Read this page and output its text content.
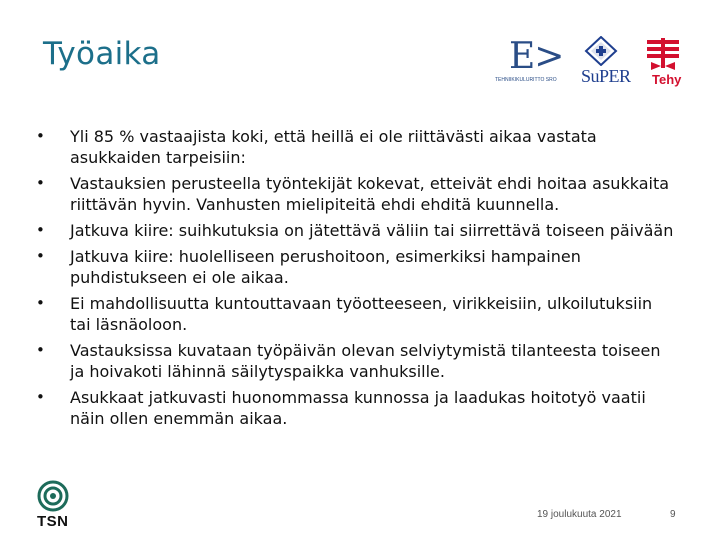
Työaika	E>
TEHNIIKIKULURITTO SRO SuPER Tehy
• Yli 85 % vastaajista koki, että heillä ei ole riittävästi aikaa vastata
asukkaiden tarpeisiin:
• Vastauksien perusteella työntekijät kokevat, etteivät ehdi hoitaa asukkaita
riittävän hyvin. Vanhusten mielipiteitä ehdi ehditä kuunnella.
• Jatkuva kiire: suihkutuksia on jätettävä väliin tai siirrettävä toiseen päivään
• Jatkuva kiire: huolelliseen perushoitoon, esimerkiksi hampainen
puhdistukseen ei ole aikaa.
• Ei mahdollisuutta kuntouttavaan työotteeseen, virikkeisiin, ulkoilutuksiin
tai läsnäoloon.
• Vastauksissa kuvataan työpäivän olevan selviytymistä tilanteesta toiseen
ja hoivakoti lähinnä säilytyspaikka vanhuksille.
• Asukkaat jatkuvasti huonommassa kunnossa ja laadukas hoitotyö vaatii
näin ollen enemmän aikaa.
TSN	19 joulukuuta 2021	9
